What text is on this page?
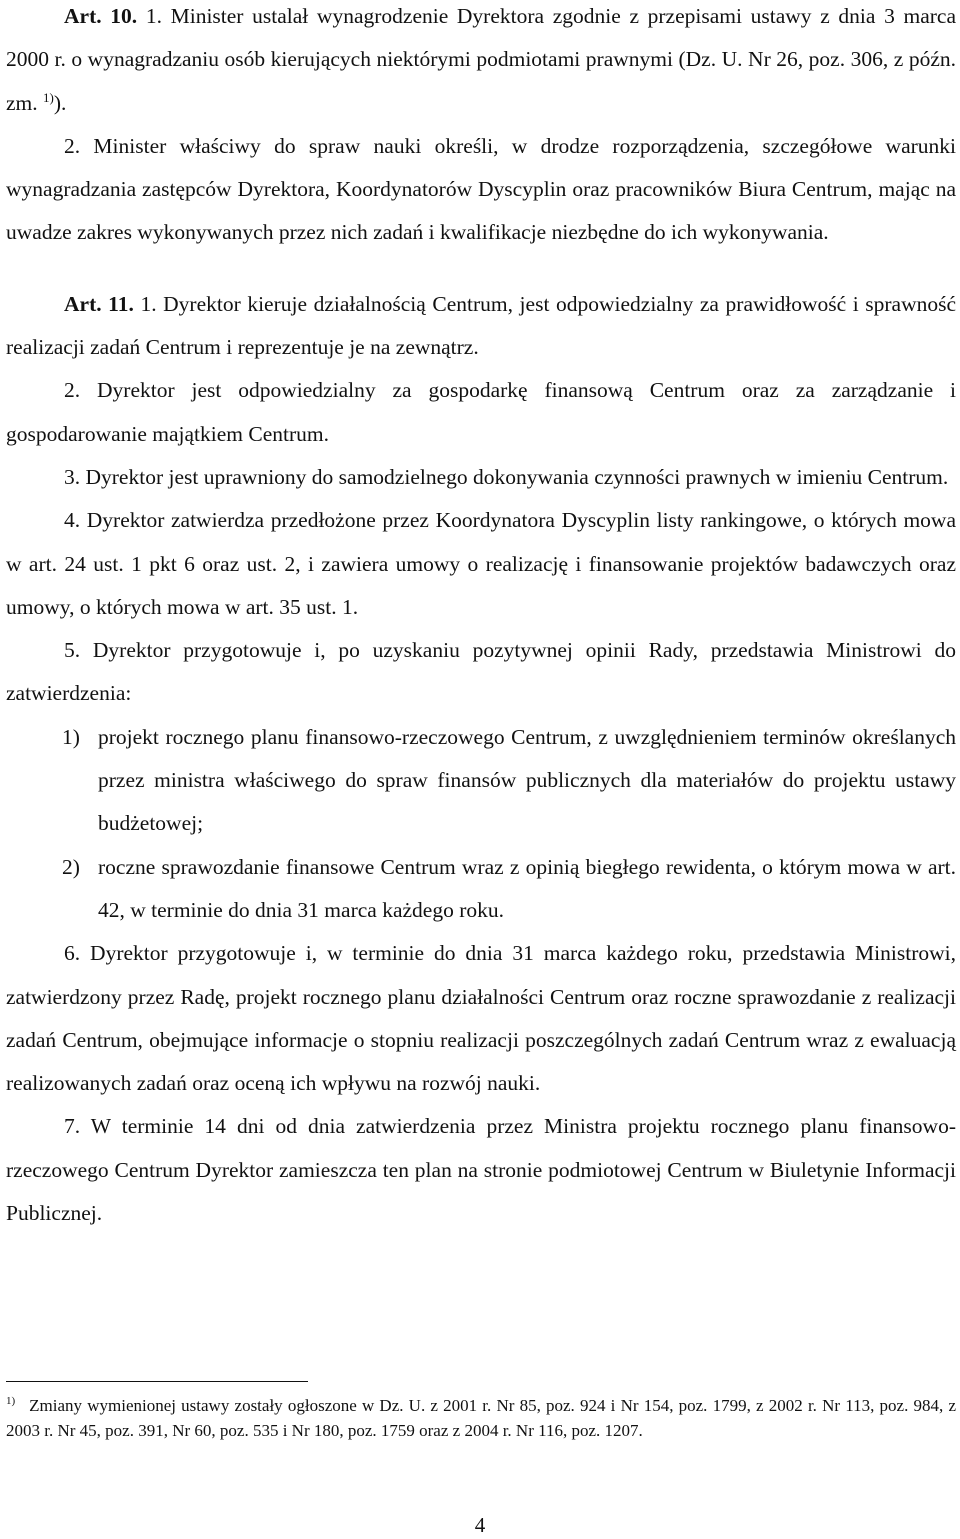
Art. 10. 1. Minister ustalał wynagrodzenie Dyrektora zgodnie z przepisami ustawy z dnia 3 marca 2000 r. o wynagradzaniu osób kierujących niektórymi podmiotami prawnymi (Dz. U. Nr 26, poz. 306, z późn. zm. $^{1)}$).

2. Minister właściwy do spraw nauki określi, w drodze rozporządzenia, szczegółowe warunki wynagradzania zastępców Dyrektora, Koordynatorów Dyscyplin oraz pracowników Biura Centrum, mając na uwadze zakres wykonywanych przez nich zadań i kwalifikacje niezbędne do ich wykonywania.

Art. 11. 1. Dyrektor kieruje działalnością Centrum, jest odpowiedzialny za prawidłowość i sprawność realizacji zadań Centrum i reprezentuje je na zewnątrz.

2. Dyrektor jest odpowiedzialny za gospodarkę finansową Centrum oraz za zarządzanie i gospodarowanie majątkiem Centrum.

3. Dyrektor jest uprawniony do samodzielnego dokonywania czynności prawnych w imieniu Centrum.

4. Dyrektor zatwierdza przedłożone przez Koordynatora Dyscyplin listy rankingowe, o których mowa w art. 24 ust. 1 pkt 6 oraz ust. 2, i zawiera umowy o realizację i finansowanie projektów badawczych oraz umowy, o których mowa w art. 35 ust. 1.

5. Dyrektor przygotowuje i, po uzyskaniu pozytywnej opinii Rady, przedstawia Ministrowi do zatwierdzenia:

1) projekt rocznego planu finansowo-rzeczowego Centrum, z uwzględnieniem terminów określanych przez ministra właściwego do spraw finansów publicznych dla materiałów do projektu ustawy budżetowej;

2) roczne sprawozdanie finansowe Centrum wraz z opinią biegłego rewidenta, o którym mowa w art. 42, w terminie do dnia 31 marca każdego roku.

6. Dyrektor przygotowuje i, w terminie do dnia 31 marca każdego roku, przedstawia Ministrowi, zatwierdzony przez Radę, projekt rocznego planu działalności Centrum oraz roczne sprawozdanie z realizacji zadań Centrum, obejmujące informacje o stopniu realizacji poszczególnych zadań Centrum wraz z ewaluacją realizowanych zadań oraz oceną ich wpływu na rozwój nauki.

7. W terminie 14 dni od dnia zatwierdzenia przez Ministra projektu rocznego planu finansowo-rzeczowego Centrum Dyrektor zamieszcza ten plan na stronie podmiotowej Centrum w Biuletynie Informacji Publicznej.

$^{1)}$ Zmiany wymienionej ustawy zostały ogłoszone w Dz. U. z 2001 r. Nr 85, poz. 924 i Nr 154, poz. 1799, z 2002 r. Nr 113, poz. 984, z 2003 r. Nr 45, poz. 391, Nr 60, poz. 535 i Nr 180, poz. 1759 oraz z 2004 r. Nr 116, poz. 1207.
4
